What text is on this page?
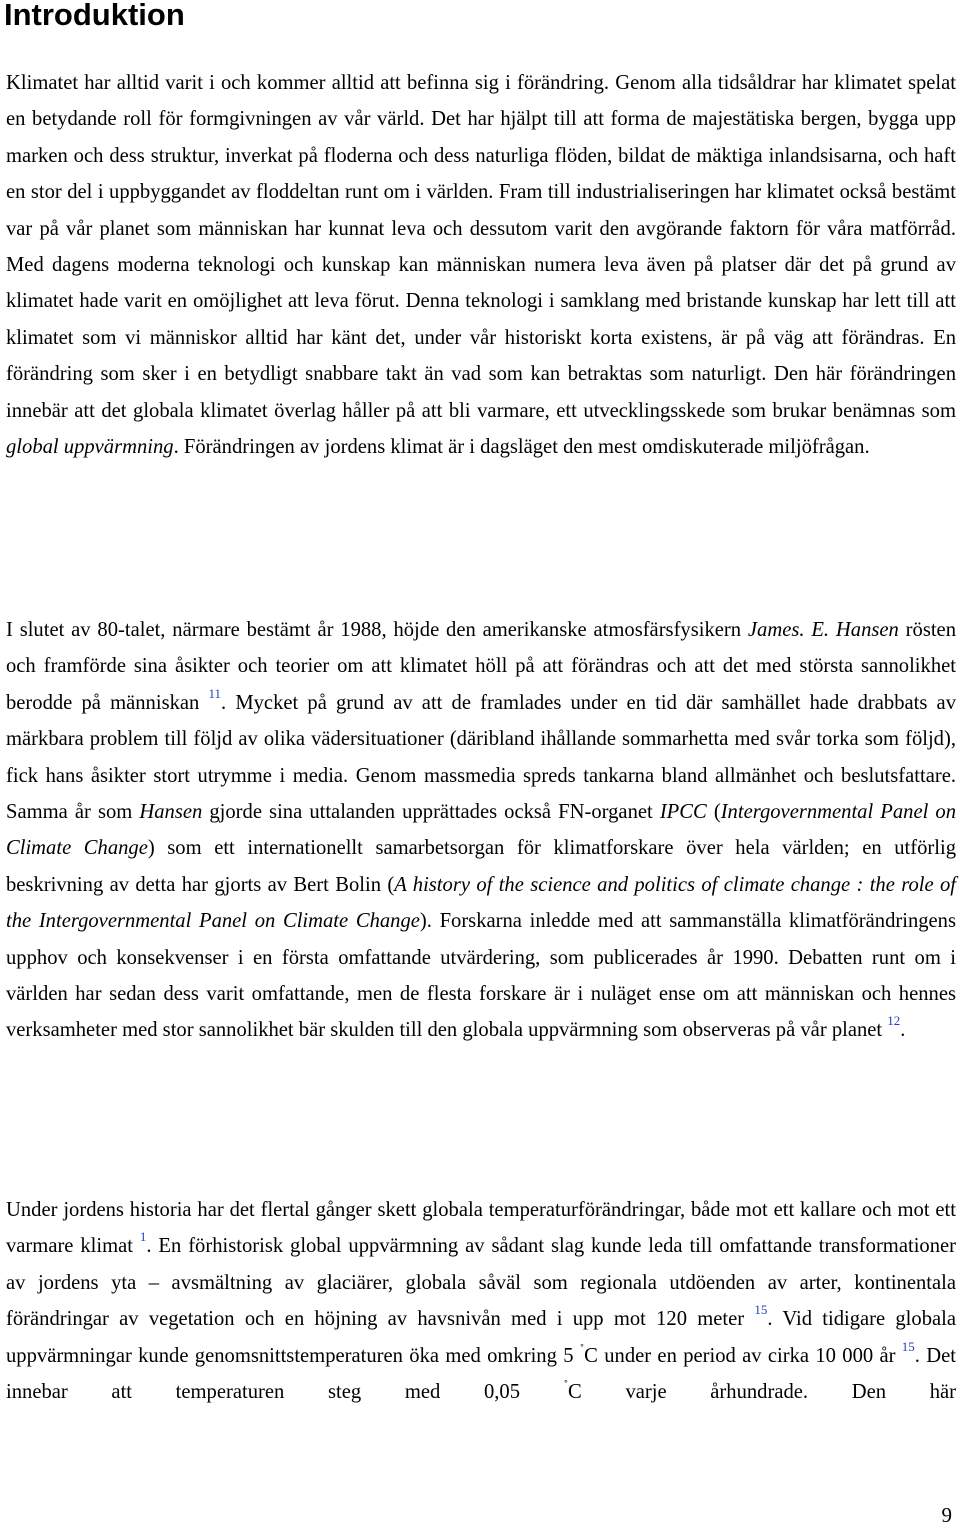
Introduktion

Klimatet har alltid varit i och kommer alltid att befinna sig i förändring. Genom alla tidsåldrar har klimatet spelat en betydande roll för formgivningen av vår värld. Det har hjälpt till att forma de majestätiska bergen, bygga upp marken och dess struktur, inverkat på floderna och dess naturliga flöden, bildat de mäktiga inlandsisarna, och haft en stor del i uppbyggandet av floddeltan runt om i världen. Fram till industrialiseringen har klimatet också bestämt var på vår planet som människan har kunnat leva och dessutom varit den avgörande faktorn för våra matförråd. Med dagens moderna teknologi och kunskap kan människan numera leva även på platser där det på grund av klimatet hade varit en omöjlighet att leva förut. Denna teknologi i samklang med bristande kunskap har lett till att klimatet som vi människor alltid har känt det, under vår historiskt korta existens, är på väg att förändras. En förändring som sker i en betydligt snabbare takt än vad som kan betraktas som naturligt. Den här förändringen innebär att det globala klimatet överlag håller på att bli varmare, ett utvecklingsskede som brukar benämnas som global uppvärmning. Förändringen av jordens klimat är i dagsläget den mest omdiskuterade miljöfrågan.

I slutet av 80-talet, närmare bestämt år 1988, höjde den amerikanske atmosfärsfysikern James. E. Hansen rösten och framförde sina åsikter och teorier om att klimatet höll på att förändras och att det med största sannolikhet berodde på människan $^{11}$. Mycket på grund av att de framlades under en tid där samhället hade drabbats av märkbara problem till följd av olika vädersituationer (däribland ihållande sommarhetta med svår torka som följd), fick hans åsikter stort utrymme i media. Genom massmedia spreds tankarna bland allmänhet och beslutsfattare. Samma år som Hansen gjorde sina uttalanden upprättades också FN-organet IPCC (Intergovernmental Panel on Climate Change) som ett internationellt samarbetsorgan för klimatforskare över hela världen; en utförlig beskrivning av detta har gjorts av Bert Bolin (A history of the science and politics of climate change : the role of the Intergovernmental Panel on Climate Change). Forskarna inledde med att sammanställa klimatförändringens upphov och konsekvenser i en första omfattande utvärdering, som publicerades år 1990. Debatten runt om i världen har sedan dess varit omfattande, men de flesta forskare är i nuläget ense om att människan och hennes verksamheter med stor sannolikhet bär skulden till den globala uppvärmning som observeras på vår planet $^{12}$.

Under jordens historia har det flertal gånger skett globala temperaturförändringar, både mot ett kallare och mot ett varmare klimat $^1$. En förhistorisk global uppvärmning av sådant slag kunde leda till omfattande transformationer av jordens yta – avsmältning av glaciärer, globala såväl som regionala utdöenden av arter, kontinentala förändringar av vegetation och en höjning av havsnivån med i upp mot 120 meter $^{15}$. Vid tidigare globala uppvärmningar kunde genomsnittstemperaturen öka med omkring 5 ˚C under en period av cirka 10 000 år $^{15}$. Det innebar att temperaturen steg med 0,05 ˚C varje århundrade. Den här

9
